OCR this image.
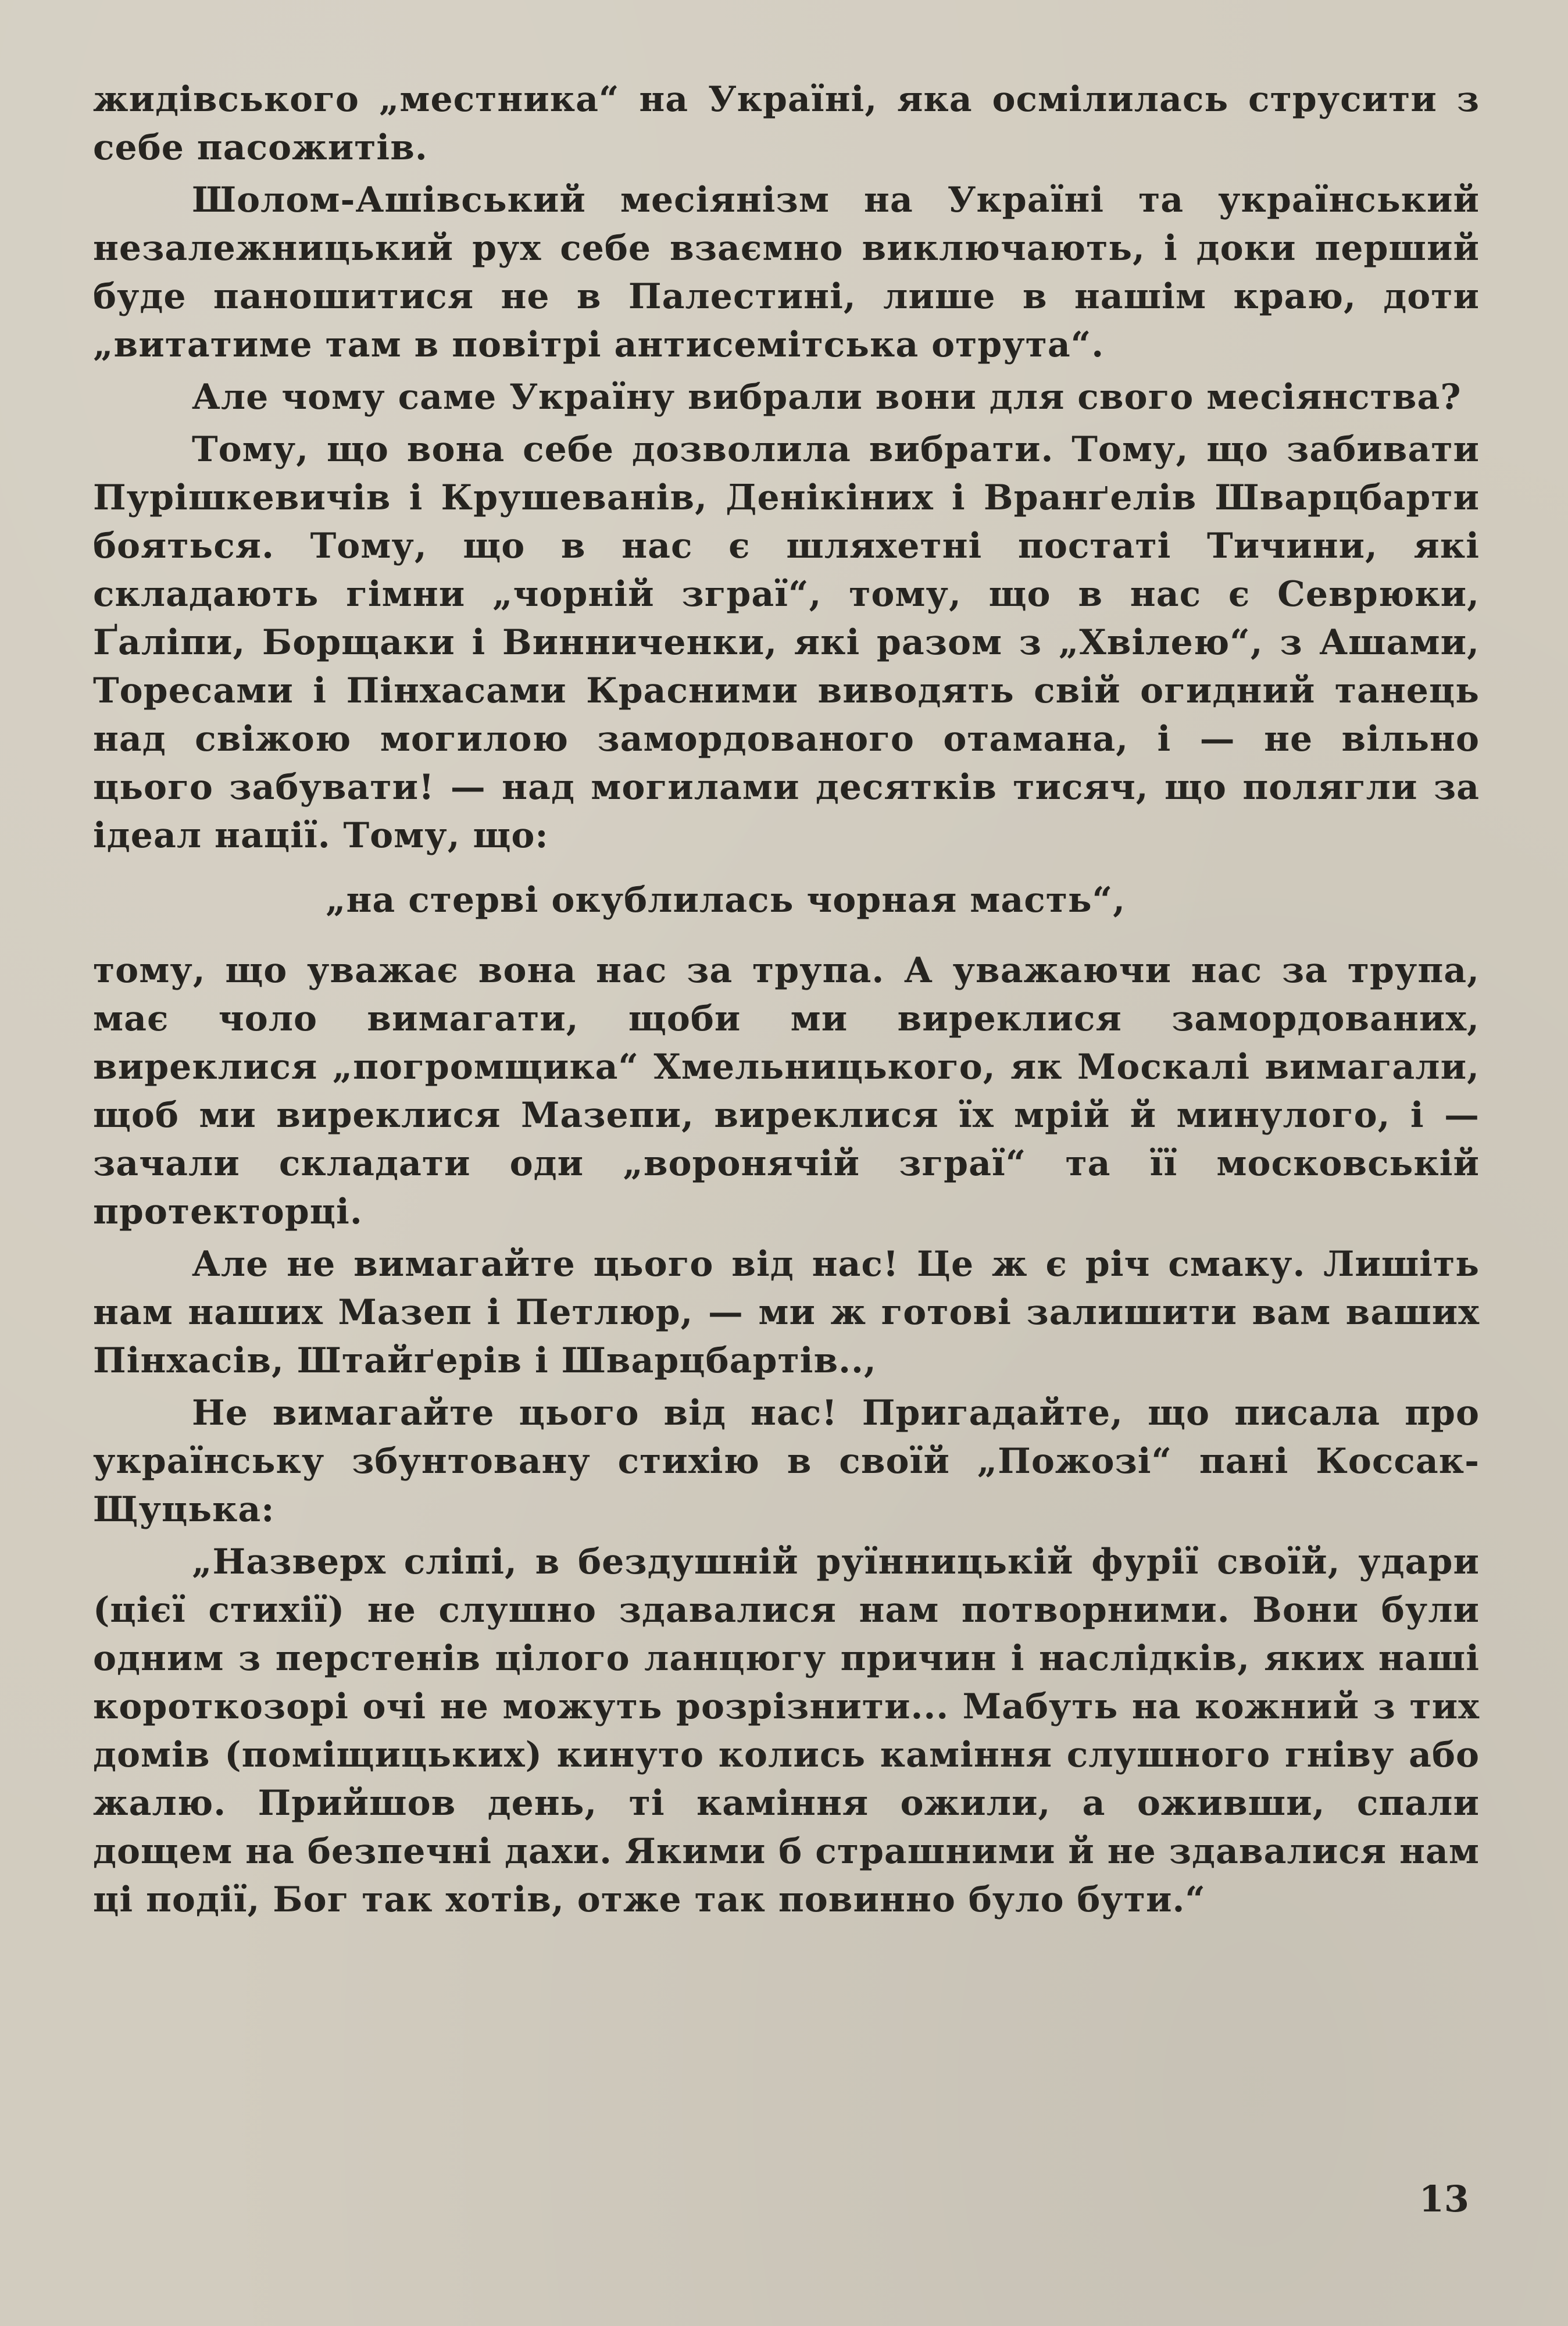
жидівського „местника“ на Україні, яка осмілилась струсити з себе пасожитів.

Шолом-Ашівський месіянізм на Україні та український незалежницький рух себе взаємно виключають, і доки перший буде паношитися не в Палестині, лише в нашім краю, доти „витатиме там в повітрі антисемітська отрута“.

Але чому саме Україну вибрали вони для свого месіянства?

Тому, що вона себе дозволила вибрати. Тому, що забивати Пурішкевичів і Крушеванів, Денікіних і Вранґелів Шварцбарти бояться. Тому, що в нас є шляхетні постаті Тичини, які складають гімни „чорній зграї“, тому, що в нас є Севрюки, Ґаліпи, Борщаки і Винниченки, які разом з „Хвілею“, з Ашами, Торесами і Пінхасами Красними виводять свій огидний танець над свіжою могилою замордованого отамана, і — не вільно цього забувати! — над могилами десятків тисяч, що полягли за ідеал нації. Тому, що:

„на стерві окублилась чорная масть“,

тому, що уважає вона нас за трупа. А уважаючи нас за трупа, має чоло вимагати, щоби ми виреклися замордованих, виреклися „погромщика“ Хмельницького, як Москалі вимагали, щоб ми виреклися Мазепи, виреклися їх мрій й минулого, і — зачали складати оди „воронячій зграї“ та її московській протекторці.

Але не вимагайте цього від нас! Це ж є річ смаку. Лишіть нам наших Мазеп і Петлюр, — ми ж готові залишити вам ваших Пінхасів, Штайґерів і Шварцбартів..,

Не вимагайте цього від нас! Пригадайте, що писала про українську збунтовану стихію в своїй „Пожозі“ пані Коссак-Щуцька:

„Назверх сліпі, в бездушній руїнницькій фурії своїй, удари (цієї стихії) не слушно здавалися нам потворними. Вони були одним з перстенів цілого ланцюгу причин і наслідків, яких наші короткозорі очі не можуть розрізнити... Мабуть на кожний з тих домів (поміщицьких) кинуто колись каміння слушного гніву або жалю. Прийшов день, ті каміння ожили, а оживши, спали дощем на безпечні дахи. Якими б страшними й не здавалися нам ці події, Бог так хотів, отже так повинно було бути.“

13
